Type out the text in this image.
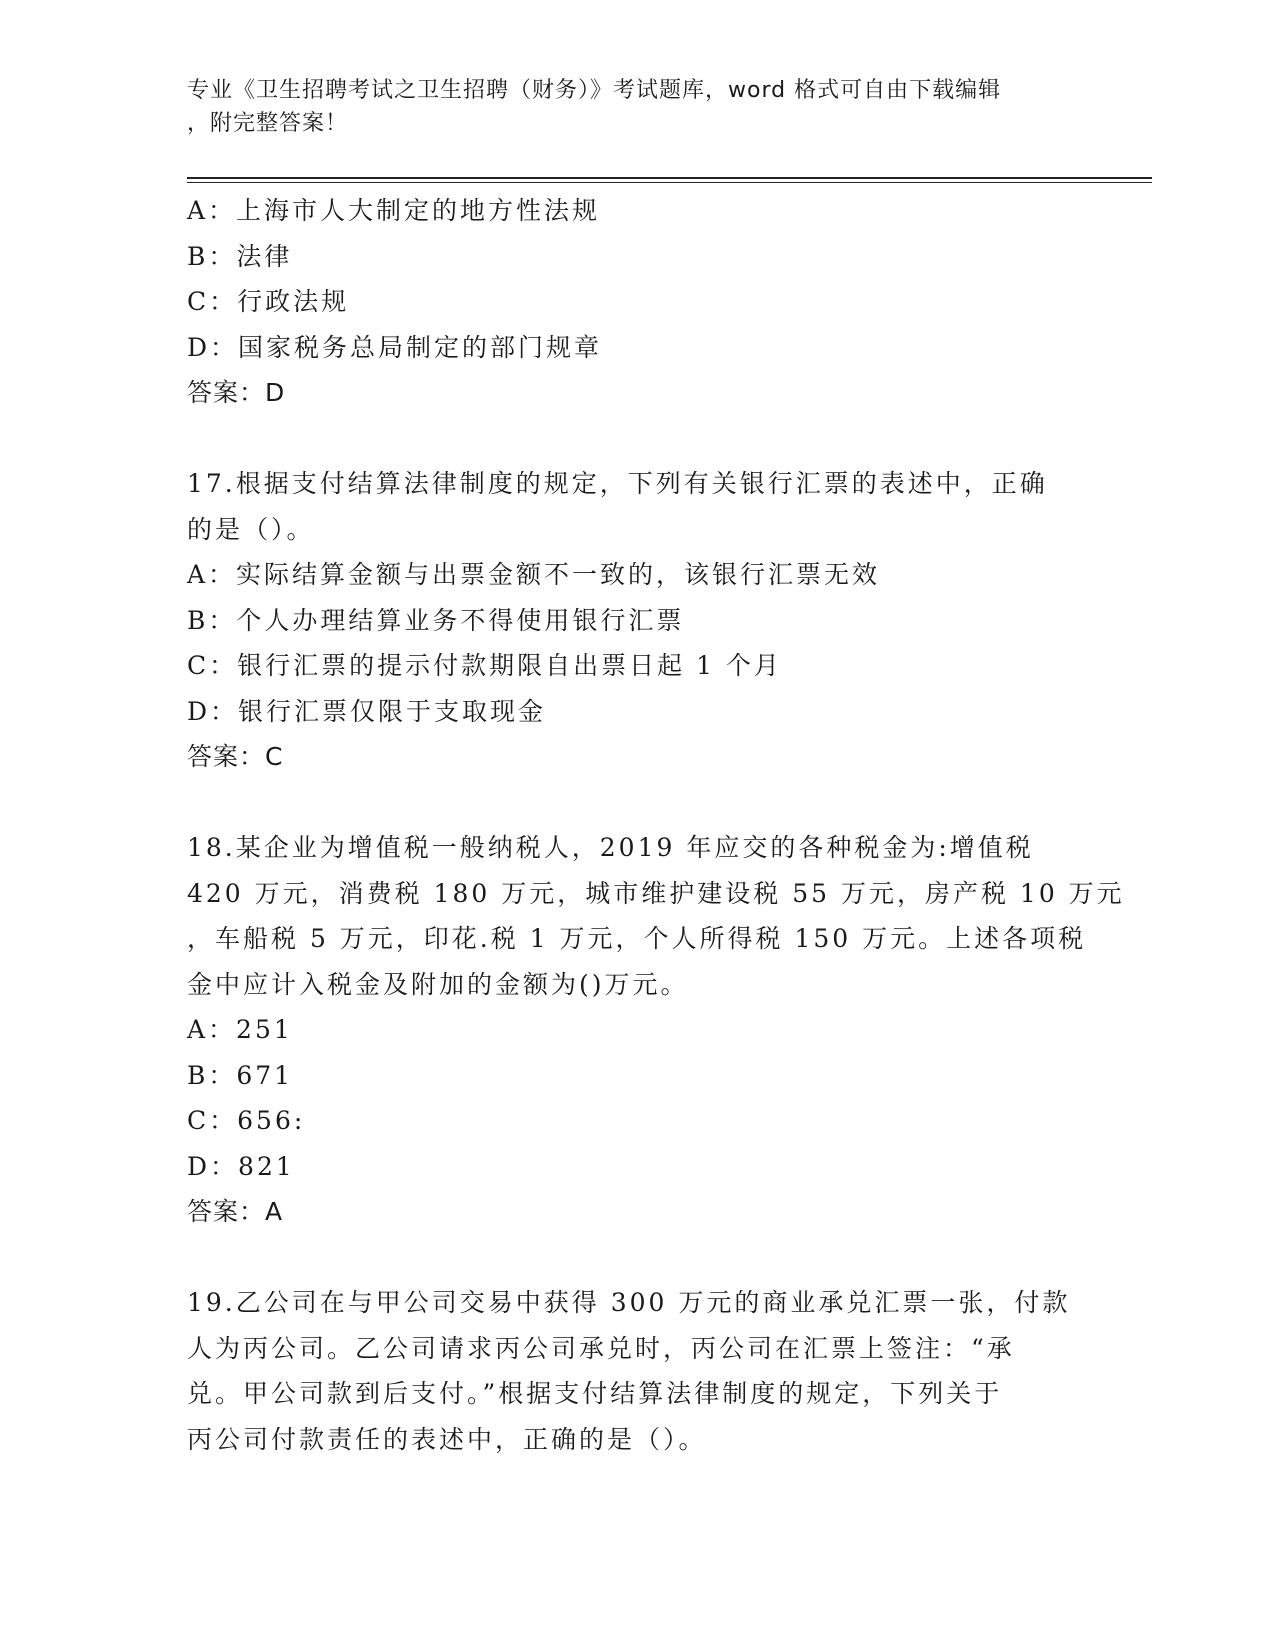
专业《卫生招聘考试之卫生招聘（财务）》考试题库，word 格式可自由下载编辑
，附完整答案！
A：上海市人大制定的地方性法规
B：法律
C：行政法规
D：国家税务总局制定的部门规章
答案：D
17.根据支付结算法律制度的规定，下列有关银行汇票的表述中，正确
的是（）。
A：实际结算金额与出票金额不一致的，该银行汇票无效
B：个人办理结算业务不得使用银行汇票
C：银行汇票的提示付款期限自出票日起 1 个月
D：银行汇票仅限于支取现金
答案：C
18.某企业为增值税一般纳税人，2019 年应交的各种税金为:增值税
420 万元，消费税 180 万元，城市维护建设税 55 万元，房产税 10 万元
，车船税 5 万元，印花.税 1 万元，个人所得税 150 万元。上述各项税
金中应计入税金及附加的金额为()万元。
A：251
B：671
C：656:
D：821
答案：A
19.乙公司在与甲公司交易中获得 300 万元的商业承兑汇票一张，付款
人为丙公司。乙公司请求丙公司承兑时，丙公司在汇票上签注：“承
兑。甲公司款到后支付。”根据支付结算法律制度的规定，下列关于
丙公司付款责任的表述中，正确的是（）。
